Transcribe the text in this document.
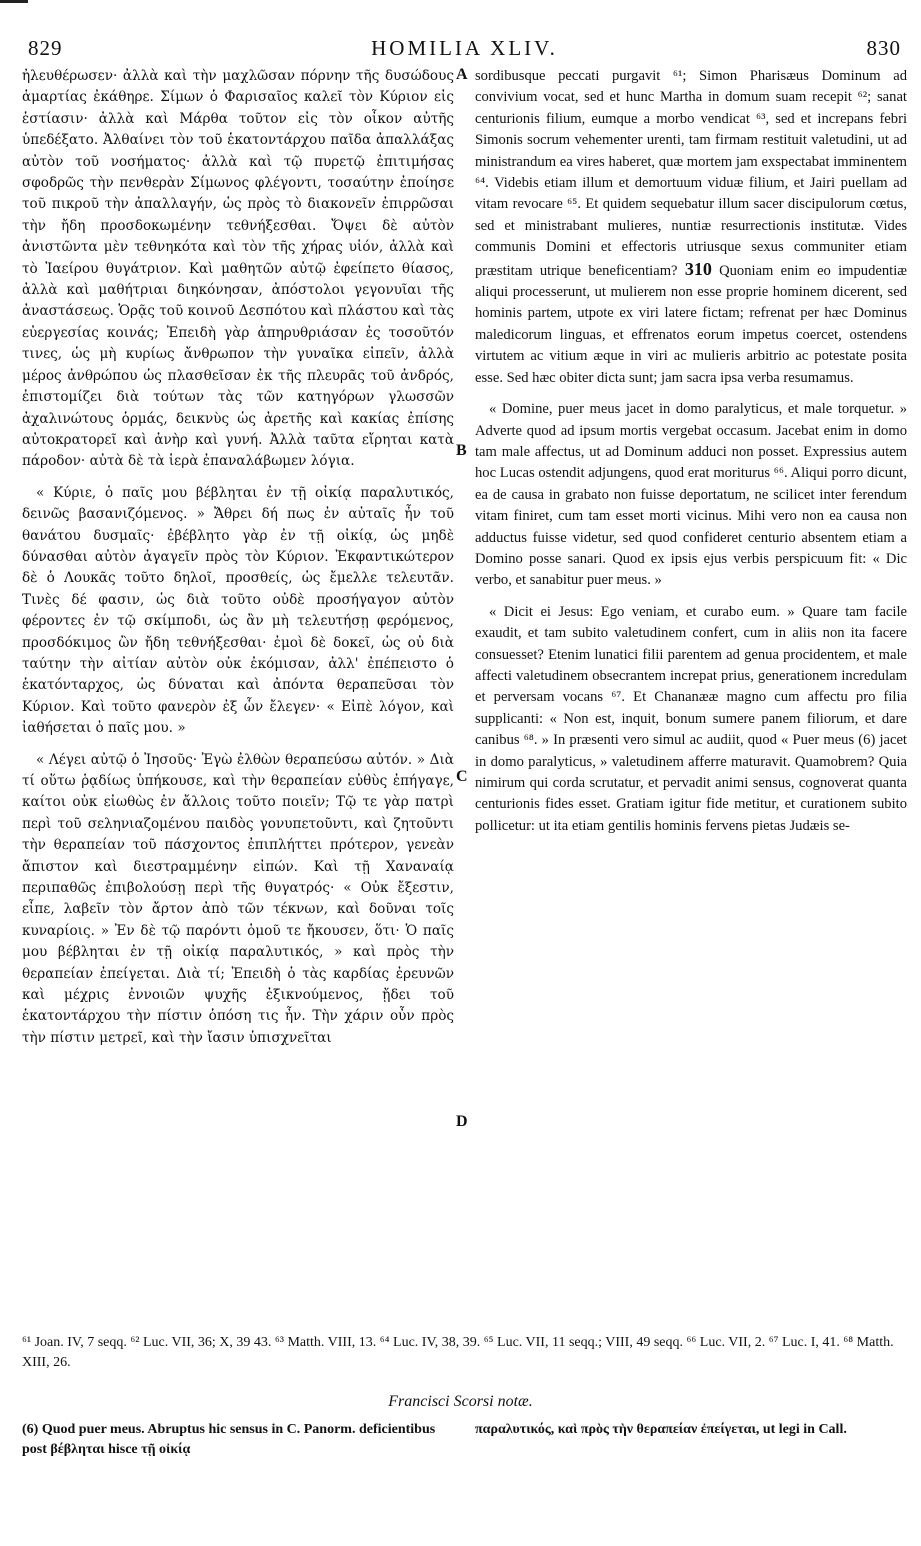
829	HOMILIA XLIV.	830

ἠλευθέρωσεν· ἀλλὰ καὶ τὴν μαχλῶσαν πόρνην τῆς δυσώδους ἁμαρτίας ἐκάθηρε. Σίμων ὁ Φαρισαῖος καλεῖ τὸν Κύριον εἰς ἑστίασιν· ἀλλὰ καὶ Μάρθα τοῦτον εἰς τὸν οἶκον αὐτῆς ὑπεδέξατο. Ἀλθαίνει τὸν τοῦ ἑκατοντάρχου παῖδα ἀπαλλάξας αὐτὸν τοῦ νοσήματος· ἀλλὰ καὶ τῷ πυρετῷ ἐπιτιμήσας σφοδρῶς τὴν πενθερὰν Σίμωνος φλέγοντι, τοσαύτην ἐποίησε τοῦ πικροῦ τὴν ἀπαλλαγήν, ὡς πρὸς τὸ διακονεῖν ἐπιρρῶσαι τὴν ἤδη προσδοκωμένην τεθνήξεσθαι. Ὄψει δὲ αὐτὸν ἀνιστῶντα μὲν τεθνηκότα καὶ τὸν τῆς χήρας υἱόν, ἀλλὰ καὶ τὸ Ἰαείρου θυγάτριον. Καὶ μαθητῶν αὐτῷ ἐφείπετο θίασος, ἀλλὰ καὶ μαθήτριαι διηκόνησαν, ἀπόστολοι γεγονυῖαι τῆς ἀναστάσεως. Ὁρᾷς τοῦ κοινοῦ Δεσπότου καὶ πλάστου καὶ τὰς εὐεργεσίας κοινάς; Ἐπειδὴ γὰρ ἀπηρυθριάσαν ἐς τοσοῦτόν τινες, ὡς μὴ κυρίως ἄνθρωπον τὴν γυναῖκα εἰπεῖν, ἀλλὰ μέρος ἀνθρώπου ὡς πλασθεῖσαν ἐκ τῆς πλευρᾶς τοῦ ἀνδρός, ἐπιστομίζει διὰ τούτων τὰς τῶν κατηγόρων γλωσσῶν ἀχαλινώτους ὁρμάς, δεικνὺς ὡς ἀρετῆς καὶ κακίας ἐπίσης αὐτοκρατορεῖ καὶ ἀνὴρ καὶ γυνή. Ἀλλὰ ταῦτα εἴρηται κατὰ πάροδον· αὐτὰ δὲ τὰ ἱερὰ ἐπαναλάβωμεν λόγια.

« Κύριε, ὁ παῖς μου βέβληται ἐν τῇ οἰκίᾳ παραλυτικός, δεινῶς βασανιζόμενος. » Ἄθρει δή πως ἐν αὐταῖς ἦν τοῦ θανάτου δυσμαῖς· ἐβέβλητο γὰρ ἐν τῇ οἰκίᾳ, ὡς μηδὲ δύνασθαι αὐτὸν ἀγαγεῖν πρὸς τὸν Κύριον. Ἐκφαντικώτερον δὲ ὁ Λουκᾶς τοῦτο δηλοῖ, προσθείς, ὡς ἔμελλε τελευτᾶν. Τινὲς δέ φασιν, ὡς διὰ τοῦτο οὐδὲ προσήγαγον αὐτὸν φέροντες ἐν τῷ σκίμποδι, ὡς ἂν μὴ τελευτήσῃ φερόμενος, προσδόκιμος ὢν ἤδη τεθνήξεσθαι· ἐμοὶ δὲ δοκεῖ, ὡς οὐ διὰ ταύτην τὴν αἰτίαν αὐτὸν οὐκ ἐκόμισαν, ἀλλ' ἐπέπειστο ὁ ἑκατόνταρχος, ὡς δύναται καὶ ἀπόντα θεραπεῦσαι τὸν Κύριον. Καὶ τοῦτο φανερὸν ἐξ ὧν ἔλεγεν· « Εἰπὲ λόγον, καὶ ἰαθήσεται ὁ παῖς μου. »

« Λέγει αὐτῷ ὁ Ἰησοῦς· Ἐγὼ ἐλθὼν θεραπεύσω αὐτόν. » Διὰ τί οὕτω ῥᾳδίως ὑπήκουσε, καὶ τὴν θεραπείαν εὐθὺς ἐπήγαγε, καίτοι οὐκ εἰωθὼς ἐν ἄλλοις τοῦτο ποιεῖν; Τῷ τε γὰρ πατρὶ περὶ τοῦ σεληνιαζομένου παιδὸς γονυπετοῦντι, καὶ ζητοῦντι τὴν θεραπείαν τοῦ πάσχοντος ἐπιπλήττει πρότερον, γενεὰν ἄπιστον καὶ διεστραμμένην εἰπών. Καὶ τῇ Χαναναίᾳ περιπαθῶς ἐπιβολούσῃ περὶ τῆς θυγατρός· « Οὐκ ἔξεστιν, εἶπε, λαβεῖν τὸν ἄρτον ἀπὸ τῶν τέκνων, καὶ δοῦναι τοῖς κυναρίοις. » Ἐν δὲ τῷ παρόντι ὁμοῦ τε ἤκουσεν, ὅτι· Ὁ παῖς μου βέβληται ἐν τῇ οἰκίᾳ παραλυτικός, » καὶ πρὸς τὴν θεραπείαν ἐπείγεται. Διὰ τί; Ἐπειδὴ ὁ τὰς καρδίας ἐρευνῶν καὶ μέχρις ἐννοιῶν ψυχῆς ἐξικνούμενος, ᾔδει τοῦ ἑκατοντάρχου τὴν πίστιν ὁπόση τις ἦν. Τὴν χάριν οὖν πρὸς τὴν πίστιν μετρεῖ, καὶ τὴν ἴασιν ὑπισχνεῖται

A
B
C
D

sordibusque peccati purgavit ⁶¹; Simon Pharisæus Dominum ad convivium vocat, sed et hunc Martha in domum suam recepit ⁶²; sanat centurionis filium, eumque a morbo vendicat ⁶³, sed et increpans febri Simonis socrum vehementer urenti, tam firmam restituit valetudini, ut ad ministrandum ea vires haberet, quæ mortem jam exspectabat imminentem ⁶⁴. Videbis etiam illum et demortuum viduæ filium, et Jairi puellam ad vitam revocare ⁶⁵. Et quidem sequebatur illum sacer discipulorum cœtus, sed et ministrabant mulieres, nuntiæ resurrectionis institutæ. Vides communis Domini et effectoris utriusque sexus communiter etiam præstitam utrique beneficentiam? 310 Quoniam enim eo impudentiæ aliqui processerunt, ut mulierem non esse proprie hominem dicerent, sed hominis partem, utpote ex viri latere fictam; refrenat per hæc Dominus maledicorum linguas, et effrenatos eorum impetus coercet, ostendens virtutem ac vitium æque in viri ac mulieris arbitrio ac potestate posita esse. Sed hæc obiter dicta sunt; jam sacra ipsa verba resumamus.

« Domine, puer meus jacet in domo paralyticus, et male torquetur. » Adverte quod ad ipsum mortis vergebat occasum. Jacebat enim in domo tam male affectus, ut ad Dominum adduci non posset. Expressius autem hoc Lucas ostendit adjungens, quod erat moriturus ⁶⁶. Aliqui porro dicunt, ea de causa in grabato non fuisse deportatum, ne scilicet inter ferendum vitam finiret, cum tam esset morti vicinus. Mihi vero non ea causa non adductus fuisse videtur, sed quod confideret centurio absentem etiam a Domino posse sanari. Quod ex ipsis ejus verbis perspicuum fit: « Dic verbo, et sanabitur puer meus. »

« Dicit ei Jesus: Ego veniam, et curabo eum. » Quare tam facile exaudit, et tam subito valetudinem confert, cum in aliis non ita facere consuesset? Etenim lunatici filii parentem ad genua procidentem, et male affecti valetudinem obsecrantem increpat prius, generationem incredulam et perversam vocans ⁶⁷. Et Chananææ magno cum affectu pro filia supplicanti: « Non est, inquit, bonum sumere panem filiorum, et dare canibus ⁶⁸. » In præsenti vero simul ac audiit, quod « Puer meus (6) jacet in domo paralyticus, » valetudinem afferre maturavit. Quamobrem? Quia nimirum qui corda scrutatur, et pervadit animi sensus, cognoverat quanta centurionis fides esset. Gratiam igitur fide metitur, et curationem subito pollicetur: ut ita etiam gentilis hominis fervens pietas Judæis se-

⁶¹ Joan. IV, 7 seqq. ⁶² Luc. VII, 36; X, 39 43. ⁶³ Matth. VIII, 13. ⁶⁴ Luc. IV, 38, 39. ⁶⁵ Luc. VII, 11 seqq.; VIII, 49 seqq. ⁶⁶ Luc. VII, 2. ⁶⁷ Luc. I, 41. ⁶⁸ Matth. XIII, 26.
Francisci Scorsi notæ.
(6) Quod puer meus. Abruptus hic sensus in C. Panorm. deficientibus post βέβληται hisce τῇ οἰκίᾳ
παραλυτικός, καὶ πρὸς τὴν θεραπείαν ἐπείγεται, ut legi in Call.
